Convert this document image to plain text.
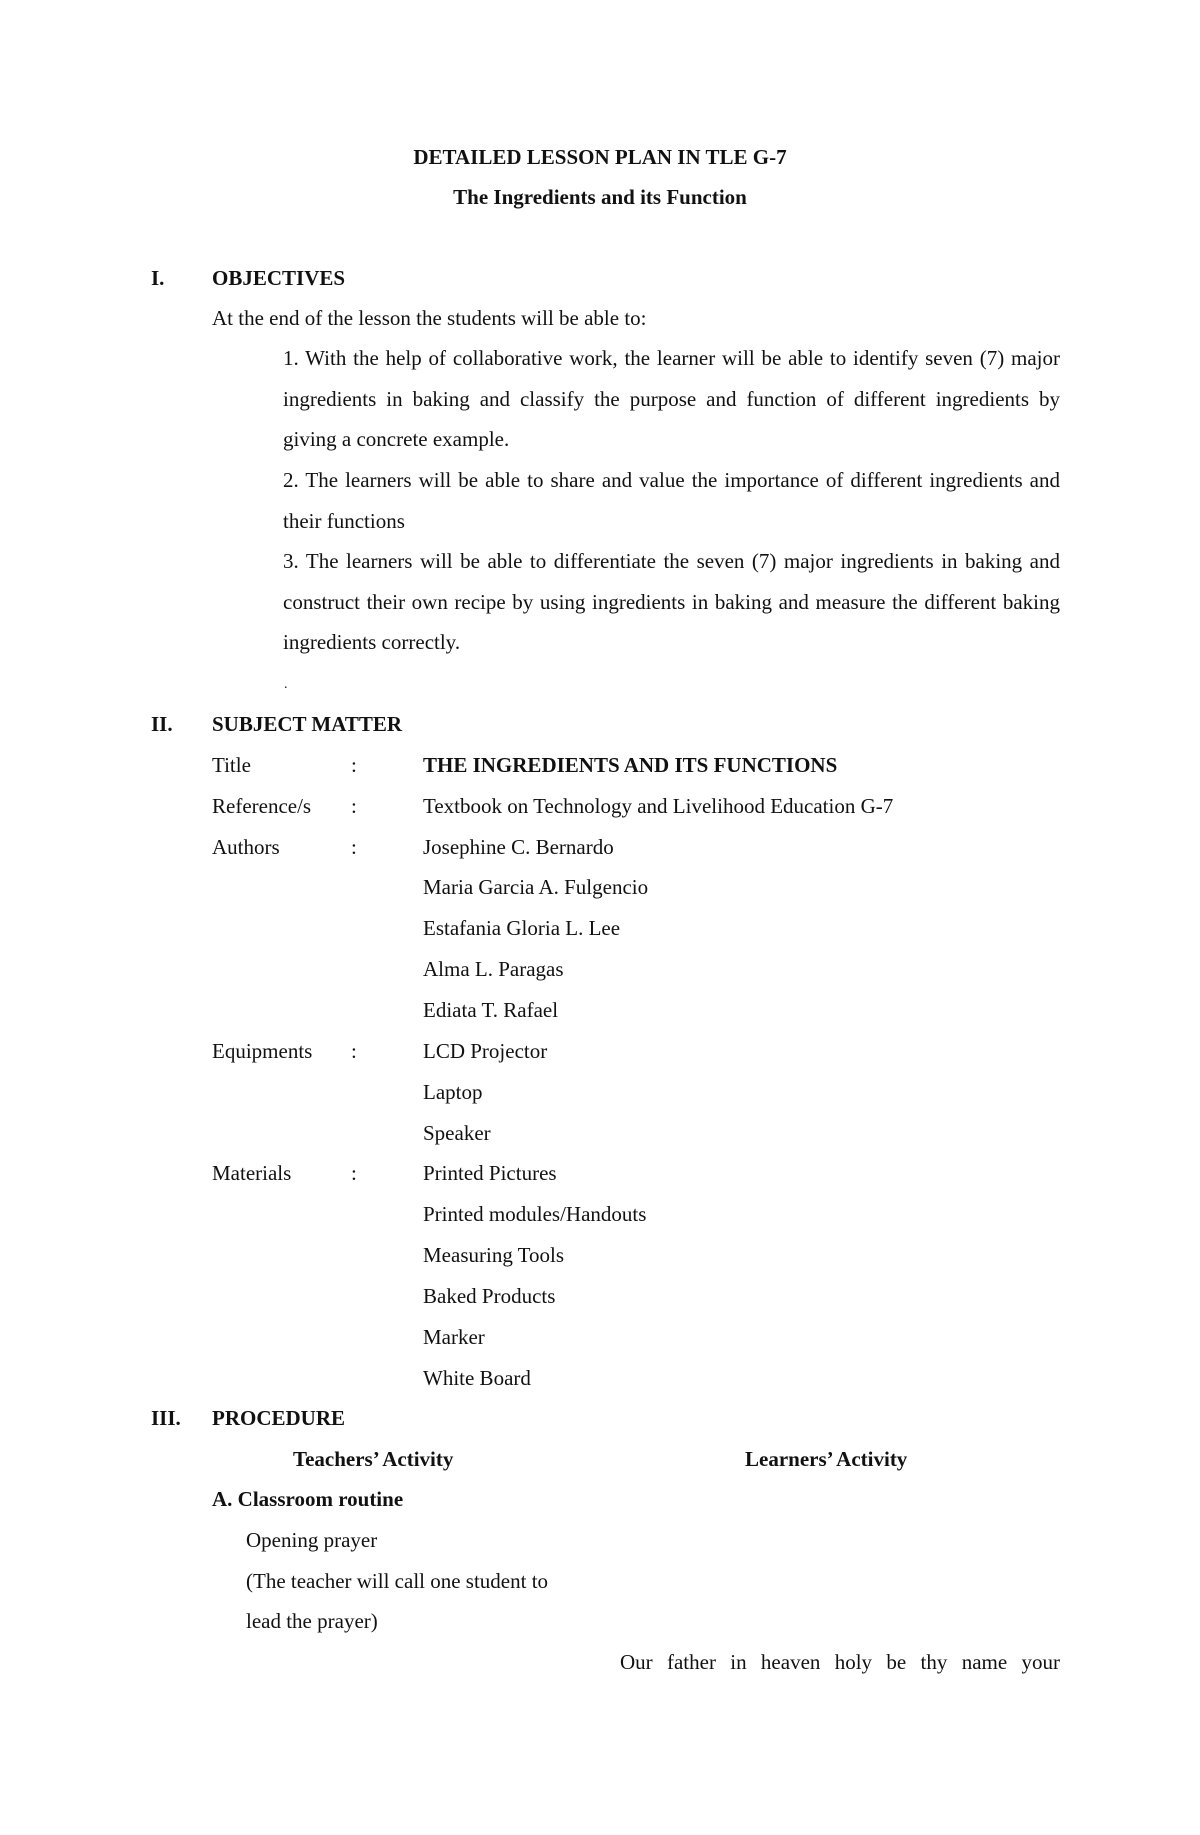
DETAILED LESSON PLAN IN TLE G-7
The Ingredients and its Function
I. OBJECTIVES
At the end of the lesson the students will be able to:
1. With the help of collaborative work, the learner will be able to identify seven (7) major ingredients in baking and classify the purpose and function of different ingredients by giving a concrete example.
2. The learners will be able to share and value the importance of different ingredients and their functions
3. The learners will be able to differentiate the seven (7) major ingredients in baking and construct their own recipe by using ingredients in baking and measure the different baking ingredients correctly.
.
II. SUBJECT MATTER
Title	:	THE INGREDIENTS AND ITS FUNCTIONS
Reference/s :	Textbook on Technology and Livelihood Education G-7
Authors	:	Josephine C. Bernardo
Maria Garcia A. Fulgencio
Estafania Gloria L. Lee
Alma L. Paragas
Ediata T. Rafael
Equipments :	LCD Projector
Laptop
Speaker
Materials	:	Printed Pictures
Printed modules/Handouts
Measuring Tools
Baked Products
Marker
White Board
III. PROCEDURE
Teachers’ Activity	Learners’ Activity
A. Classroom routine
Opening prayer
(The teacher will call one student to
lead the prayer)
Our father in heaven holy be thy name your
